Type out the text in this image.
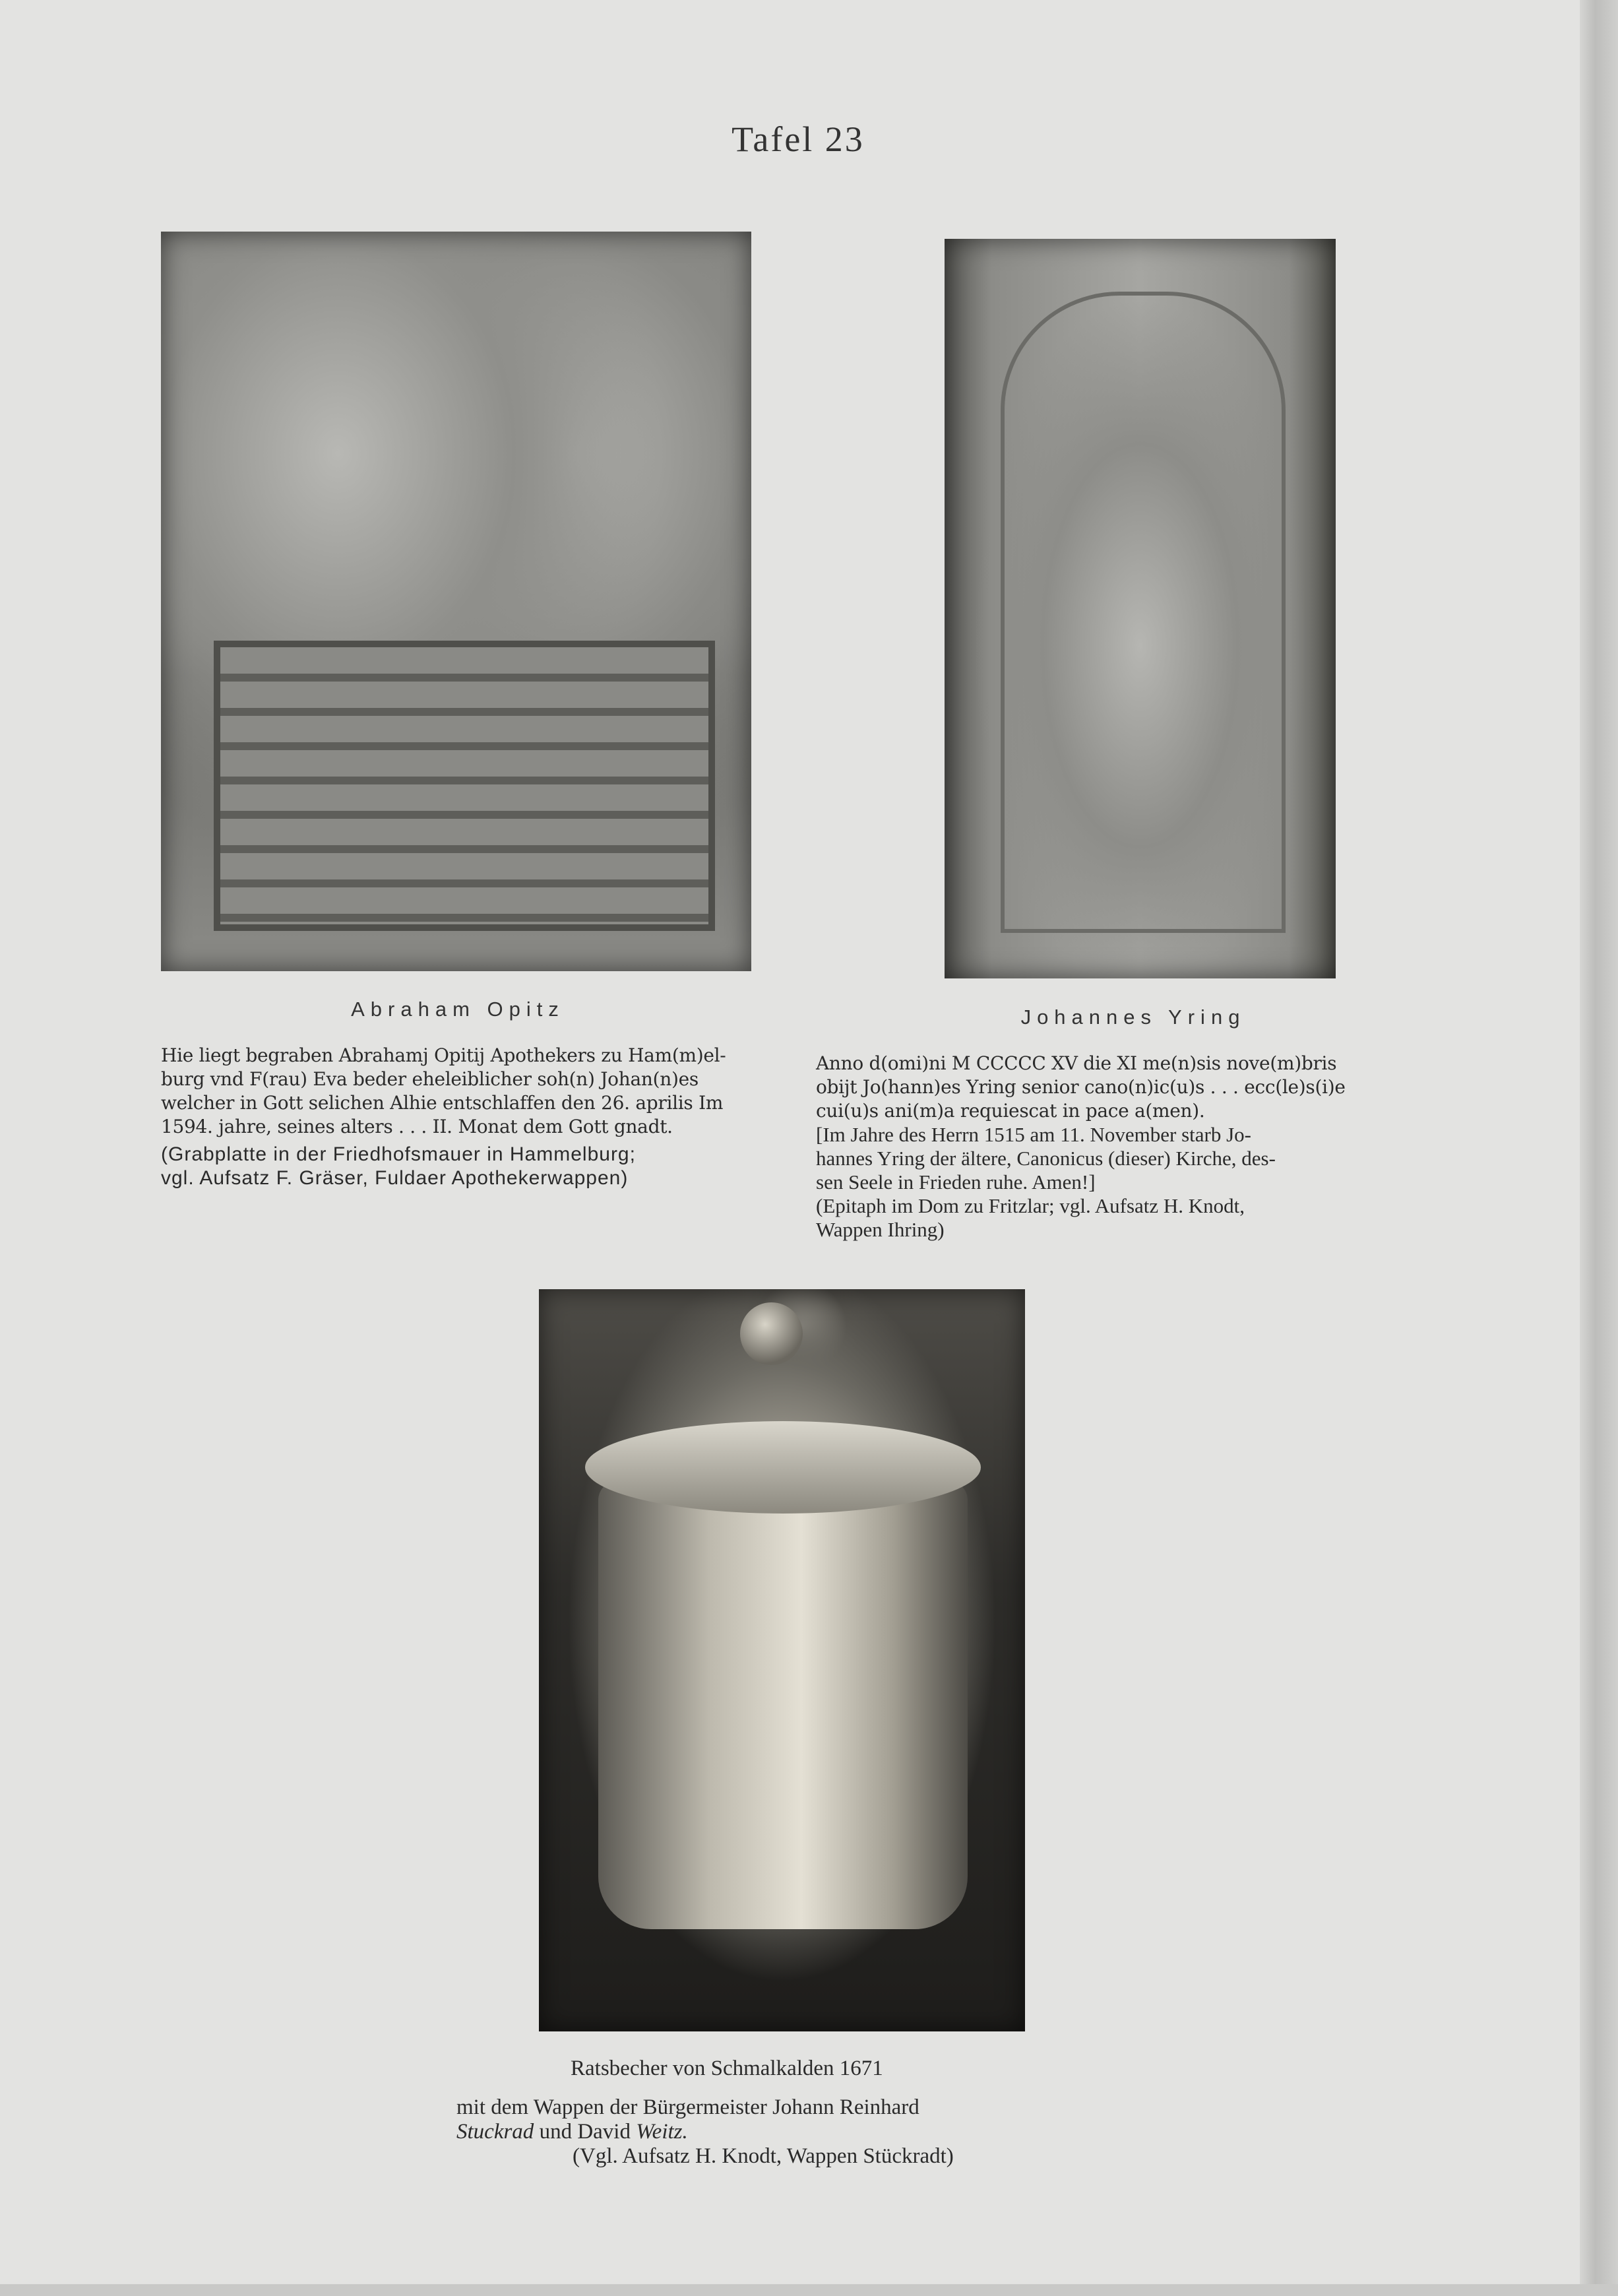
Tafel 23
Abraham Opitz

Hie liegt begraben Abrahamj Opitij Apothekers zu Ham(m)el-

burg vnd F(rau) Eva beder eheleiblicher soh(n) Johan(n)es

welcher in Gott selichen Alhie entschlaffen den 26. aprilis Im

1594. jahre, seines alters . . . II. Monat dem Gott gnadt.

(Grabplatte in der Friedhofsmauer in Hammelburg;

vgl. Aufsatz F. Gräser, Fuldaer Apothekerwappen)

Johannes Yring

Anno d(omi)ni M CCCCC XV die XI me(n)sis nove(m)bris

obijt Jo(hann)es Yring senior cano(n)ic(u)s . . . ecc(le)s(i)e

cui(u)s ani(m)a requiescat in pace a(men).

[Im Jahre des Herrn 1515 am 11. November starb Jo-

hannes Yring der ältere, Canonicus (dieser) Kirche, des-

sen Seele in Frieden ruhe. Amen!]

(Epitaph im Dom zu Fritzlar; vgl. Aufsatz H. Knodt,

Wappen Ihring)

Ratsbecher von Schmalkalden 1671
mit dem Wappen der Bürgermeister Johann Reinhard
Stuckrad und David Weitz.
(Vgl. Aufsatz H. Knodt, Wappen Stückradt)
